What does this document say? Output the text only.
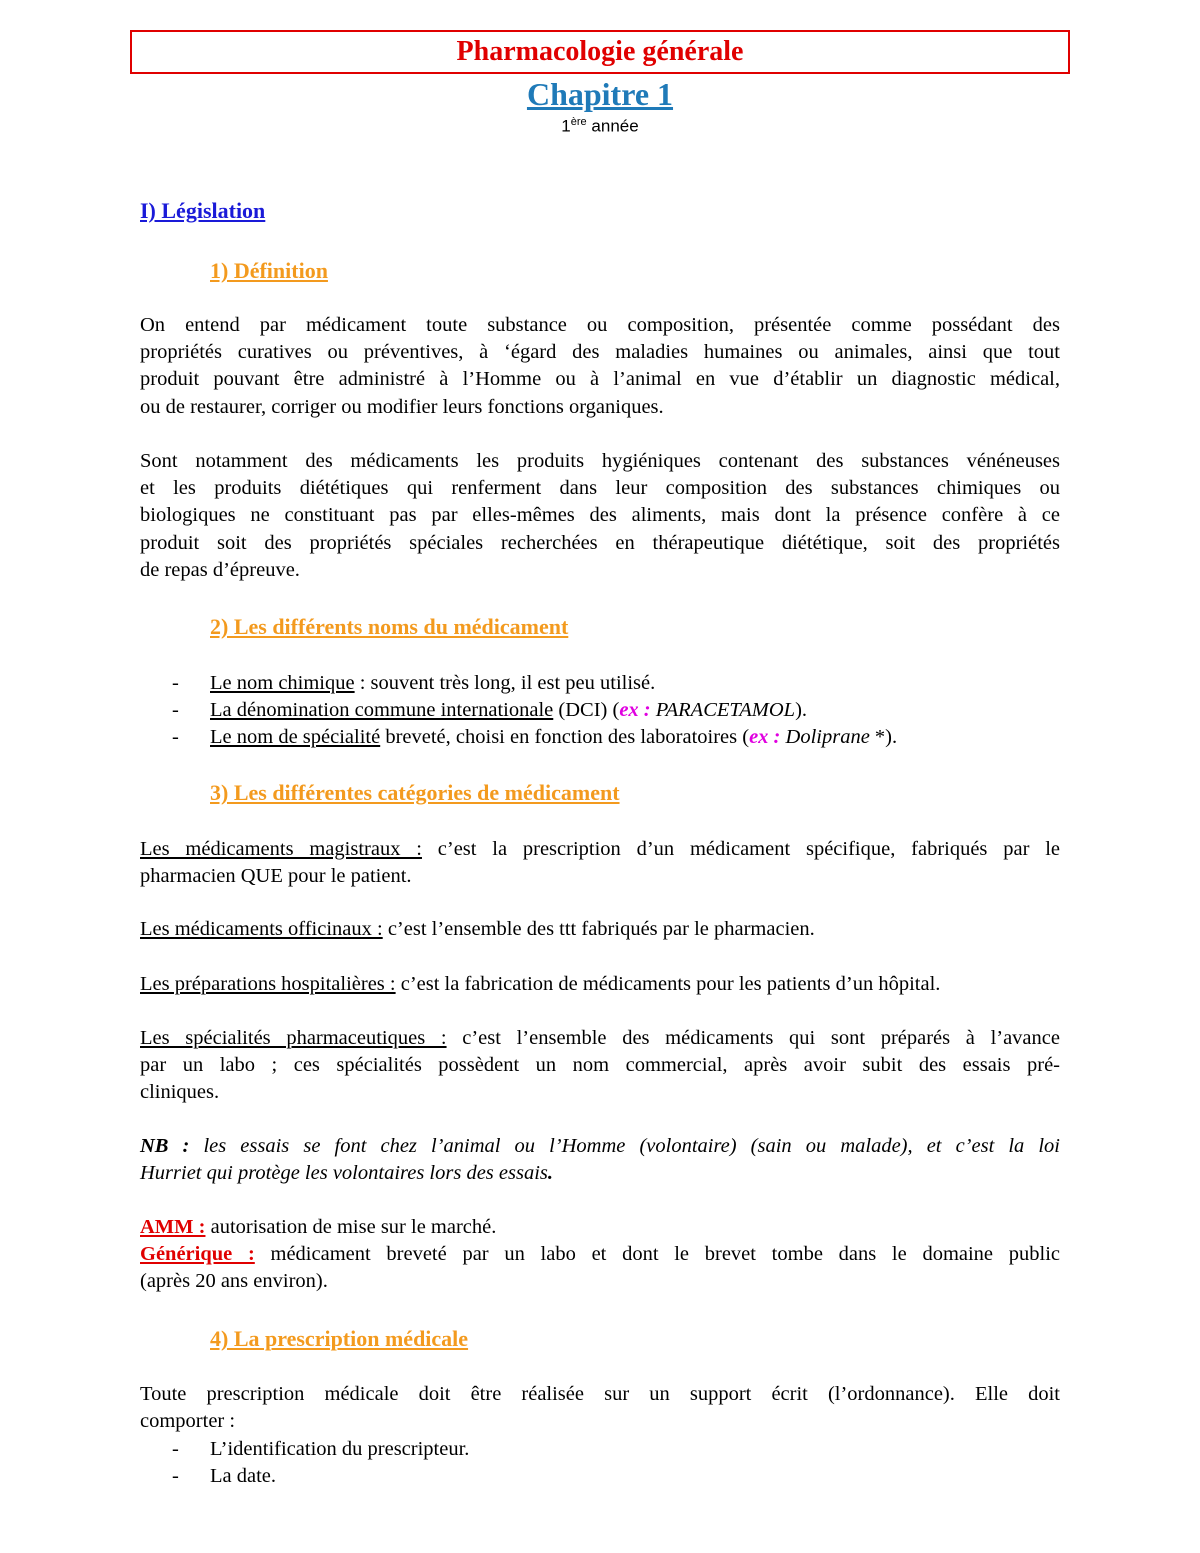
Pharmacologie générale
Chapitre 1
1ère année
I) Législation
1) Définition
On entend par médicament toute substance ou composition, présentée comme possédant des
propriétés curatives ou préventives, à ‘égard des maladies humaines ou animales, ainsi que tout
produit pouvant être administré à l’Homme ou à l’animal en vue d’établir un diagnostic médical,
ou de restaurer, corriger ou modifier leurs fonctions organiques.
Sont notamment des médicaments les produits hygiéniques contenant des substances vénéneuses
et les produits diététiques qui renferment dans leur composition des substances chimiques ou
biologiques ne constituant pas par elles-mêmes des aliments, mais dont la présence confère à ce
produit soit des propriétés spéciales recherchées en thérapeutique diététique, soit des propriétés
de repas d’épreuve.
2) Les différents noms du médicament
- Le nom chimique : souvent très long, il est peu utilisé.
- La dénomination commune internationale (DCI) (ex : PARACETAMOL).
- Le nom de spécialité breveté, choisi en fonction des laboratoires (ex : Doliprane *).
3) Les différentes catégories de médicament
Les médicaments magistraux : c’est la prescription d’un médicament spécifique, fabriqués par le
pharmacien QUE pour le patient.
Les médicaments officinaux : c’est l’ensemble des ttt fabriqués par le pharmacien.
Les préparations hospitalières : c’est la fabrication de médicaments pour les patients d’un hôpital.
Les spécialités pharmaceutiques : c’est l’ensemble des médicaments qui sont préparés à l’avance
par un labo ; ces spécialités possèdent un nom commercial, après avoir subit des essais pré-
cliniques.
NB : les essais se font chez l’animal ou l’Homme (volontaire) (sain ou malade), et c’est la loi
Hurriet qui protège les volontaires lors des essais.
AMM : autorisation de mise sur le marché.
Générique : médicament breveté par un labo et dont le brevet tombe dans le domaine public
(après 20 ans environ).
4) La prescription médicale
Toute prescription médicale doit être réalisée sur un support écrit (l’ordonnance). Elle doit
comporter :
- L’identification du prescripteur.
- La date.
